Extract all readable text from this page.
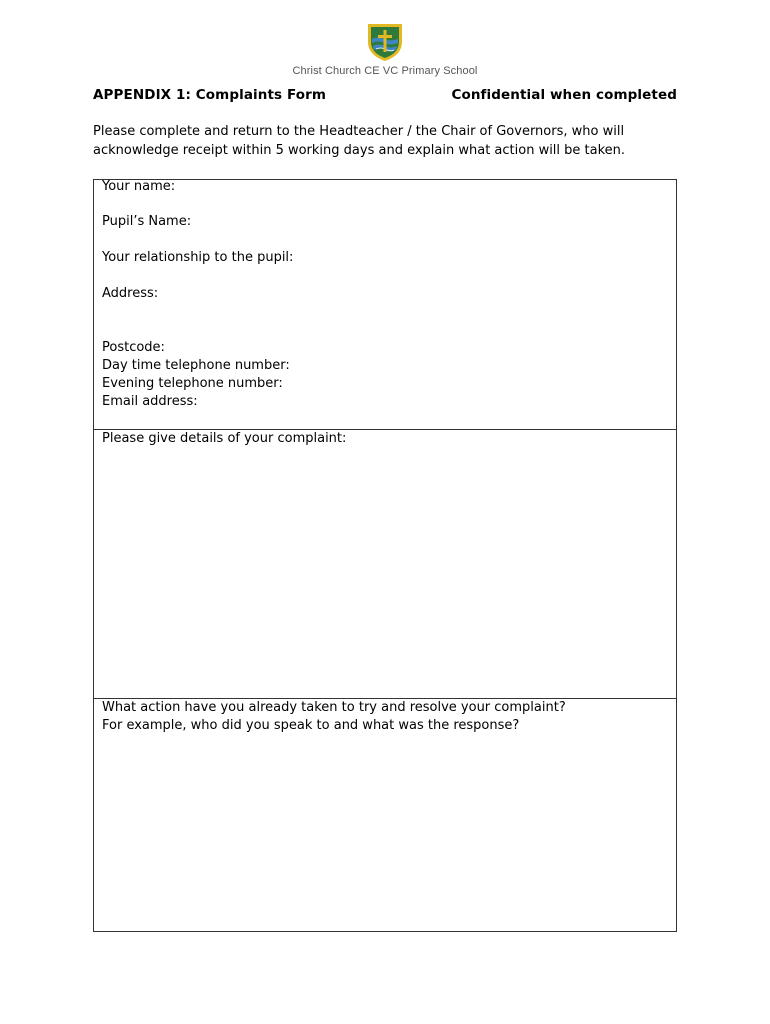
Christ Church CE VC Primary School
APPENDIX 1: Complaints Form	Confidential when completed
Please complete and return to the Headteacher / the Chair of Governors, who will
acknowledge receipt within 5 working days and explain what action will be taken.
Your name:
Pupil’s Name:
Your relationship to the pupil:
Address:
Postcode:
Day time telephone number:
Evening telephone number:
Email address:
Please give details of your complaint:
What action have you already taken to try and resolve your complaint?
For example, who did you speak to and what was the response?
